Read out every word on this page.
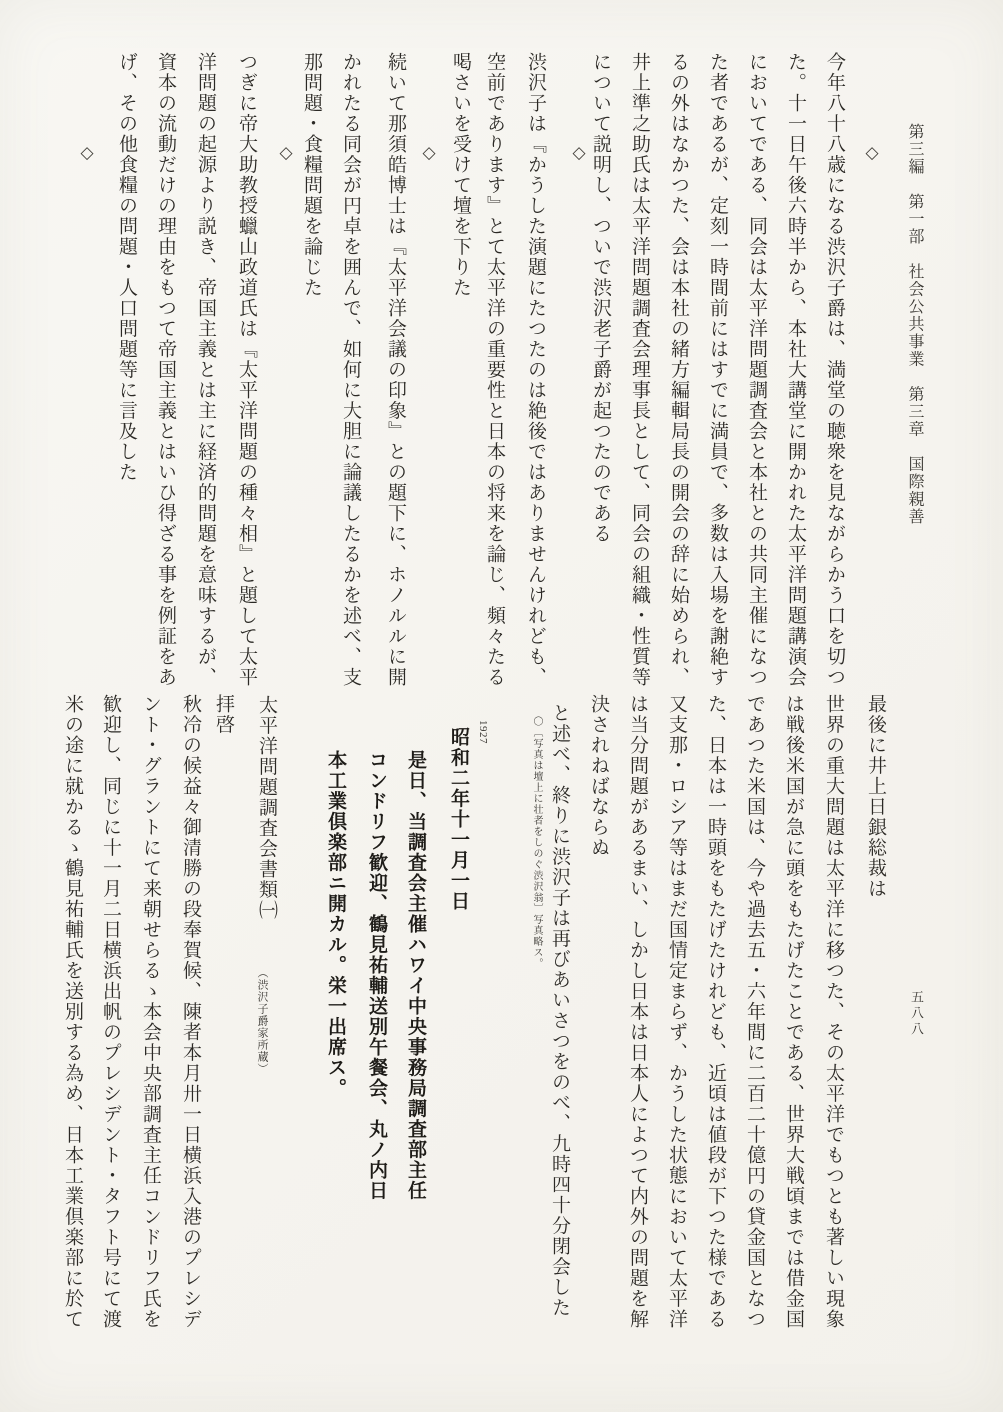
第三編　第一部　社会公共事業　第三章　国際親善
五八八
◇
◇
◇
◇
◇	今年八十八歳になる渋沢子爵は、満堂の聴衆を見ながらかう口を切つ
た。十一日午後六時半から、本社大講堂に開かれた太平洋問題講演会
においてである、同会は太平洋問題調査会と本社との共同主催になつ
た者であるが、定刻一時間前にはすでに満員で、多数は入場を謝絶す
るの外はなかつた、会は本社の緒方編輯局長の開会の辞に始められ、
井上準之助氏は太平洋問題調査会理事長として、同会の組織・性質等
について説明し、ついで渋沢老子爵が起つたのである
渋沢子は『かうした演題にたつたのは絶後ではありませんけれども、
空前であります』とて太平洋の重要性と日本の将来を論じ、頻々たる
喝さいを受けて壇を下りた
続いて那須皓博士は『太平洋会議の印象』との題下に、ホノルルに開
かれたる同会が円卓を囲んで、如何に大胆に論議したるかを述べ、支
那問題・食糧問題を論じた
つぎに帝大助教授蠟山政道氏は『太平洋問題の種々相』と題して太平
洋問題の起源より説き、帝国主義とは主に経済的問題を意味するが、
資本の流動だけの理由をもつて帝国主義とはいひ得ざる事を例証をあ
げ、その他食糧の問題・人口問題等に言及した
最後に井上日銀総裁は
世界の重大問題は太平洋に移つた、その太平洋でもつとも著しい現象
は戦後米国が急に頭をもたげたことである、世界大戦頃までは借金国
であつた米国は、今や過去五・六年間に二百二十億円の貸金国となつ
た、日本は一時頭をもたげたけれども、近頃は値段が下つた様である
又支那・ロシア等はまだ国情定まらず、かうした状態において太平洋
は当分問題があるまい、しかし日本は日本人によつて内外の問題を解
決されねばならぬ
と述べ、終りに渋沢子は再びあいさつをのべ、九時四十分閉会した
〇〔写真は壇上に壮者をしのぐ渋沢翁〕写真略ス。
1927
昭和二年十一月一日
是日、当調査会主催ハワイ中央事務局調査部主任
コンドリフ歓迎、鶴見祐輔送別午餐会、丸ノ内日
本工業倶楽部ニ開カル。栄一出席ス。
太平洋問題調査会書類㈠
（渋沢子爵家所蔵）
拝啓
秋冷の候益々御清勝の段奉賀候、陳者本月卅一日横浜入港のプレシデ
ント・グラントにて来朝せらるゝ本会中央部調査主任コンドリフ氏を
歓迎し、同じに十一月二日横浜出帆のプレシデント・タフト号にて渡
米の途に就かるゝ鶴見祐輔氏を送別する為め、日本工業倶楽部に於て
